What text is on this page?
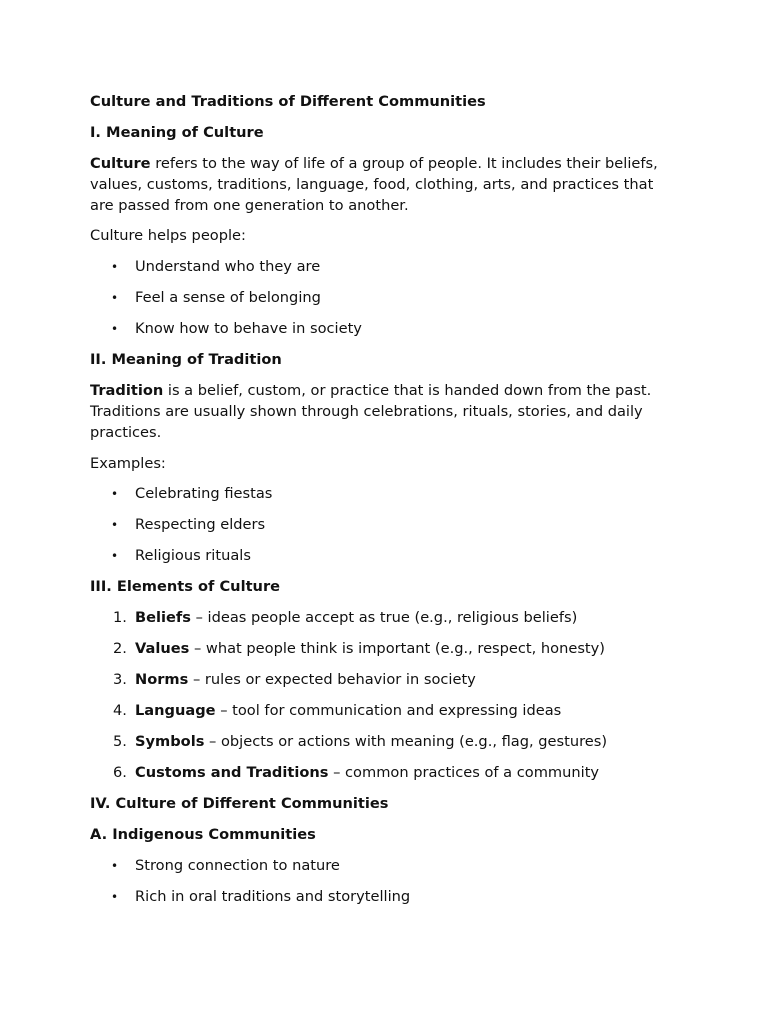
Culture and Traditions of Different Communities
I. Meaning of Culture

Culture refers to the way of life of a group of people. It includes their beliefs, values, customs, traditions, language, food, clothing, arts, and practices that are passed from one generation to another.

Culture helps people:

• Understand who they are
• Feel a sense of belonging
• Know how to behave in society
II. Meaning of Tradition

Tradition is a belief, custom, or practice that is handed down from the past. Traditions are usually shown through celebrations, rituals, stories, and daily practices.

Examples:

• Celebrating fiestas
• Respecting elders
• Religious rituals
III. Elements of Culture
1. Beliefs – ideas people accept as true (e.g., religious beliefs)
2. Values – what people think is important (e.g., respect, honesty)
3. Norms – rules or expected behavior in society
4. Language – tool for communication and expressing ideas
5. Symbols – objects or actions with meaning (e.g., flag, gestures)
6. Customs and Traditions – common practices of a community
IV. Culture of Different Communities
A. Indigenous Communities
• Strong connection to nature
• Rich in oral traditions and storytelling
